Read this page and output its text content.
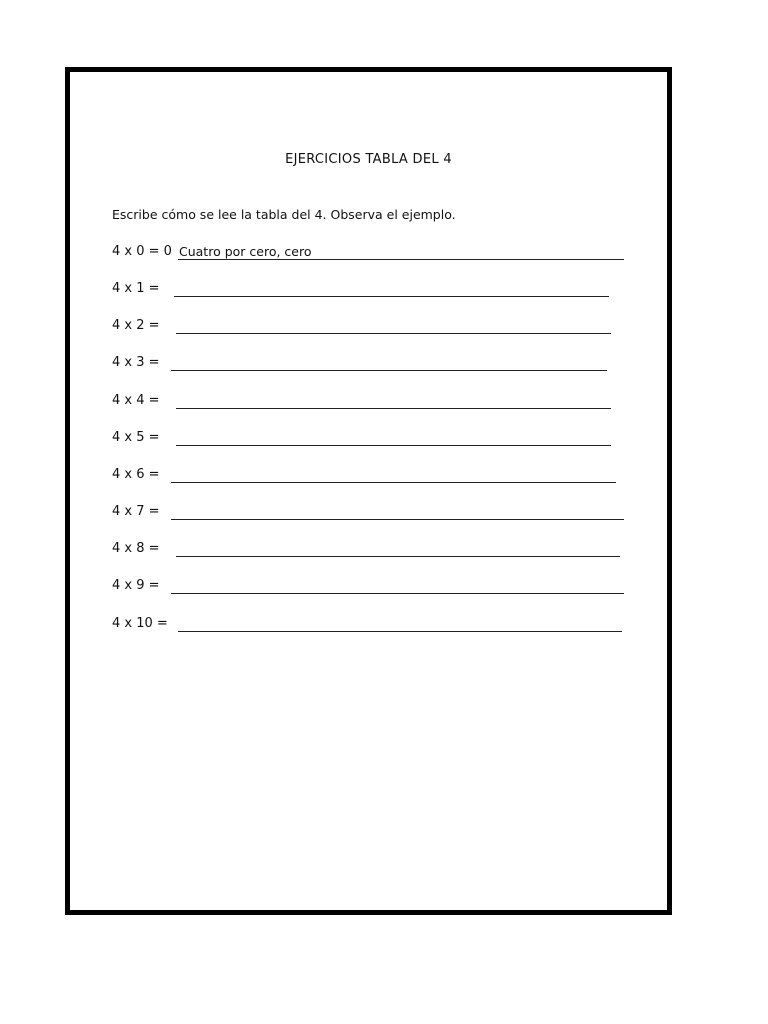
EJERCICIOS TABLA DEL 4
Escribe cómo se lee la tabla del 4. Observa el ejemplo.
4 x 0 = 0 Cuatro por cero, cero
4 x 1 =
4 x 2 =
4 x 3 =
4 x 4 =
4 x 5 =
4 x 6 =
4 x 7 =
4 x 8 =
4 x 9 =
4 x 10 =
